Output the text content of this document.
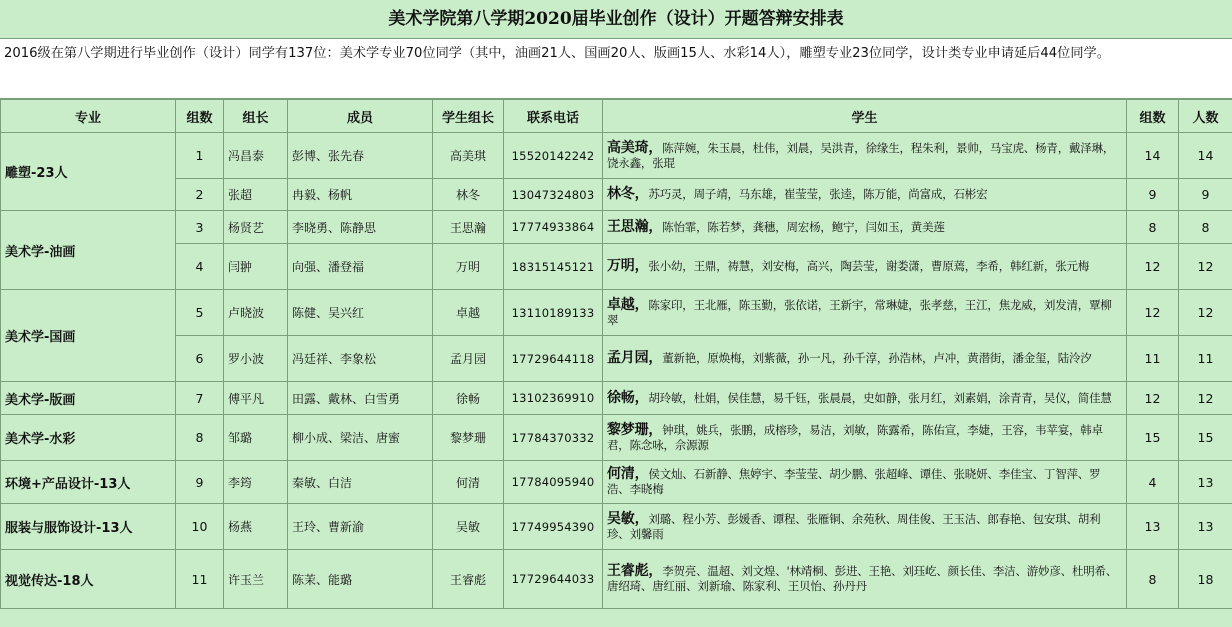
美术学院第八学期2020届毕业创作（设计）开题答辩安排表
2016级在第八学期进行毕业创作（设计）同学有137位：美术学专业70位同学（其中，油画21人、国画20人、版画15人、水彩14人），雕塑专业23位同学，设计类专业申请延后44位同学。
专业	组数	组长	成员	学生组长	联系电话	学生	组数	人数
雕塑-23人	1	冯昌泰	彭博、张先春	高美琪	15520142242	高美琦，陈萍婉，朱玉晨，杜伟，刘晨，吴洪青，徐缘生，程朱利，景帅，马宝虎、杨青，戴泽琳，饶永鑫，张琨	14	14
	2	张超	冉毅、杨帆	林冬	13047324803	林冬，苏巧灵，周子靖，马东雄，崔莹莹，张逵，陈万能，尚富成，石彬宏	9	9
美术学-油画	3	杨贤艺	李晓勇、陈静思	王思瀚	17774933864	王思瀚，陈怡霏，陈若梦，龚穗，周宏杨，鲍宁，闫如玉，黄美莲	8	8
	4	闫翀	向强、潘登福	万明	18315145121	万明，张小幼，王鼎，祷慧，刘安梅，高兴，陶芸莹，谢娄潇，曹原蔫，李希，韩红新，张元梅	12	12
美术学-国画	5	卢晓波	陈健、吴兴红	卓越	13110189133	卓越，陈家印，王北雁，陈玉勤，张依诺，王新宇，常琳婕，张孝慈，王江，焦龙威，刘发清，覃柳翠	12	12
	6	罗小波	冯廷祥、李象松	孟月园	17729644118	孟月园，董新艳，原焕梅，刘紫薇，孙一凡，孙千淳，孙浩林，卢冲，黄潜街，潘金玺，陆泠汐	11	11
美术学-版画	7	傅平凡	田露、戴林、白雪勇	徐畅	13102369910	徐畅，胡玲敏，杜娟，侯佳慧，易千钰，张晨晨，史如静，张月红，刘素娟，涂青青，吴仪，简佳慧	12	12
美术学-水彩	8	邹璐	柳小成、梁洁、唐蜜	黎梦珊	17784370332	黎梦珊，钟琪，姚兵，张鹏，成榕珍，易洁，刘敏，陈露希，陈佑宣，李婕，王容，韦苹宴，韩卓君，陈念咏，佘源源	15	15
环境+产品设计-13人	9	李筠	秦敏、白洁	何清	17784095940	何清，侯文灿、石新静、焦婷宇、李莹莹、胡少鹏、张超峰、谭佳、张晓妍、李佳宝、丁智萍、罗浩、李晓梅	4	13
服装与服饰设计-13人	10	杨燕	王玲、曹新渝	吴敏	17749954390	吴敏，刘璐、程小芳、彭媛香、谭程、张雁铜、余苑秋、周佳俊、王玉洁、郎春艳、包安琪、胡利珍、刘馨雨	13	13
视觉传达-18人	11	许玉兰	陈茉、能璐	王睿彪	17729644033	王睿彪，李贺亮、温超、刘文煌、'林靖桐、彭进、王艳、刘珏屹、颜长佳、李洁、游妙彦、杜明希、唐绍琦、唐红丽、刘新瑜、陈家利、王贝怡、孙丹丹	8	18
